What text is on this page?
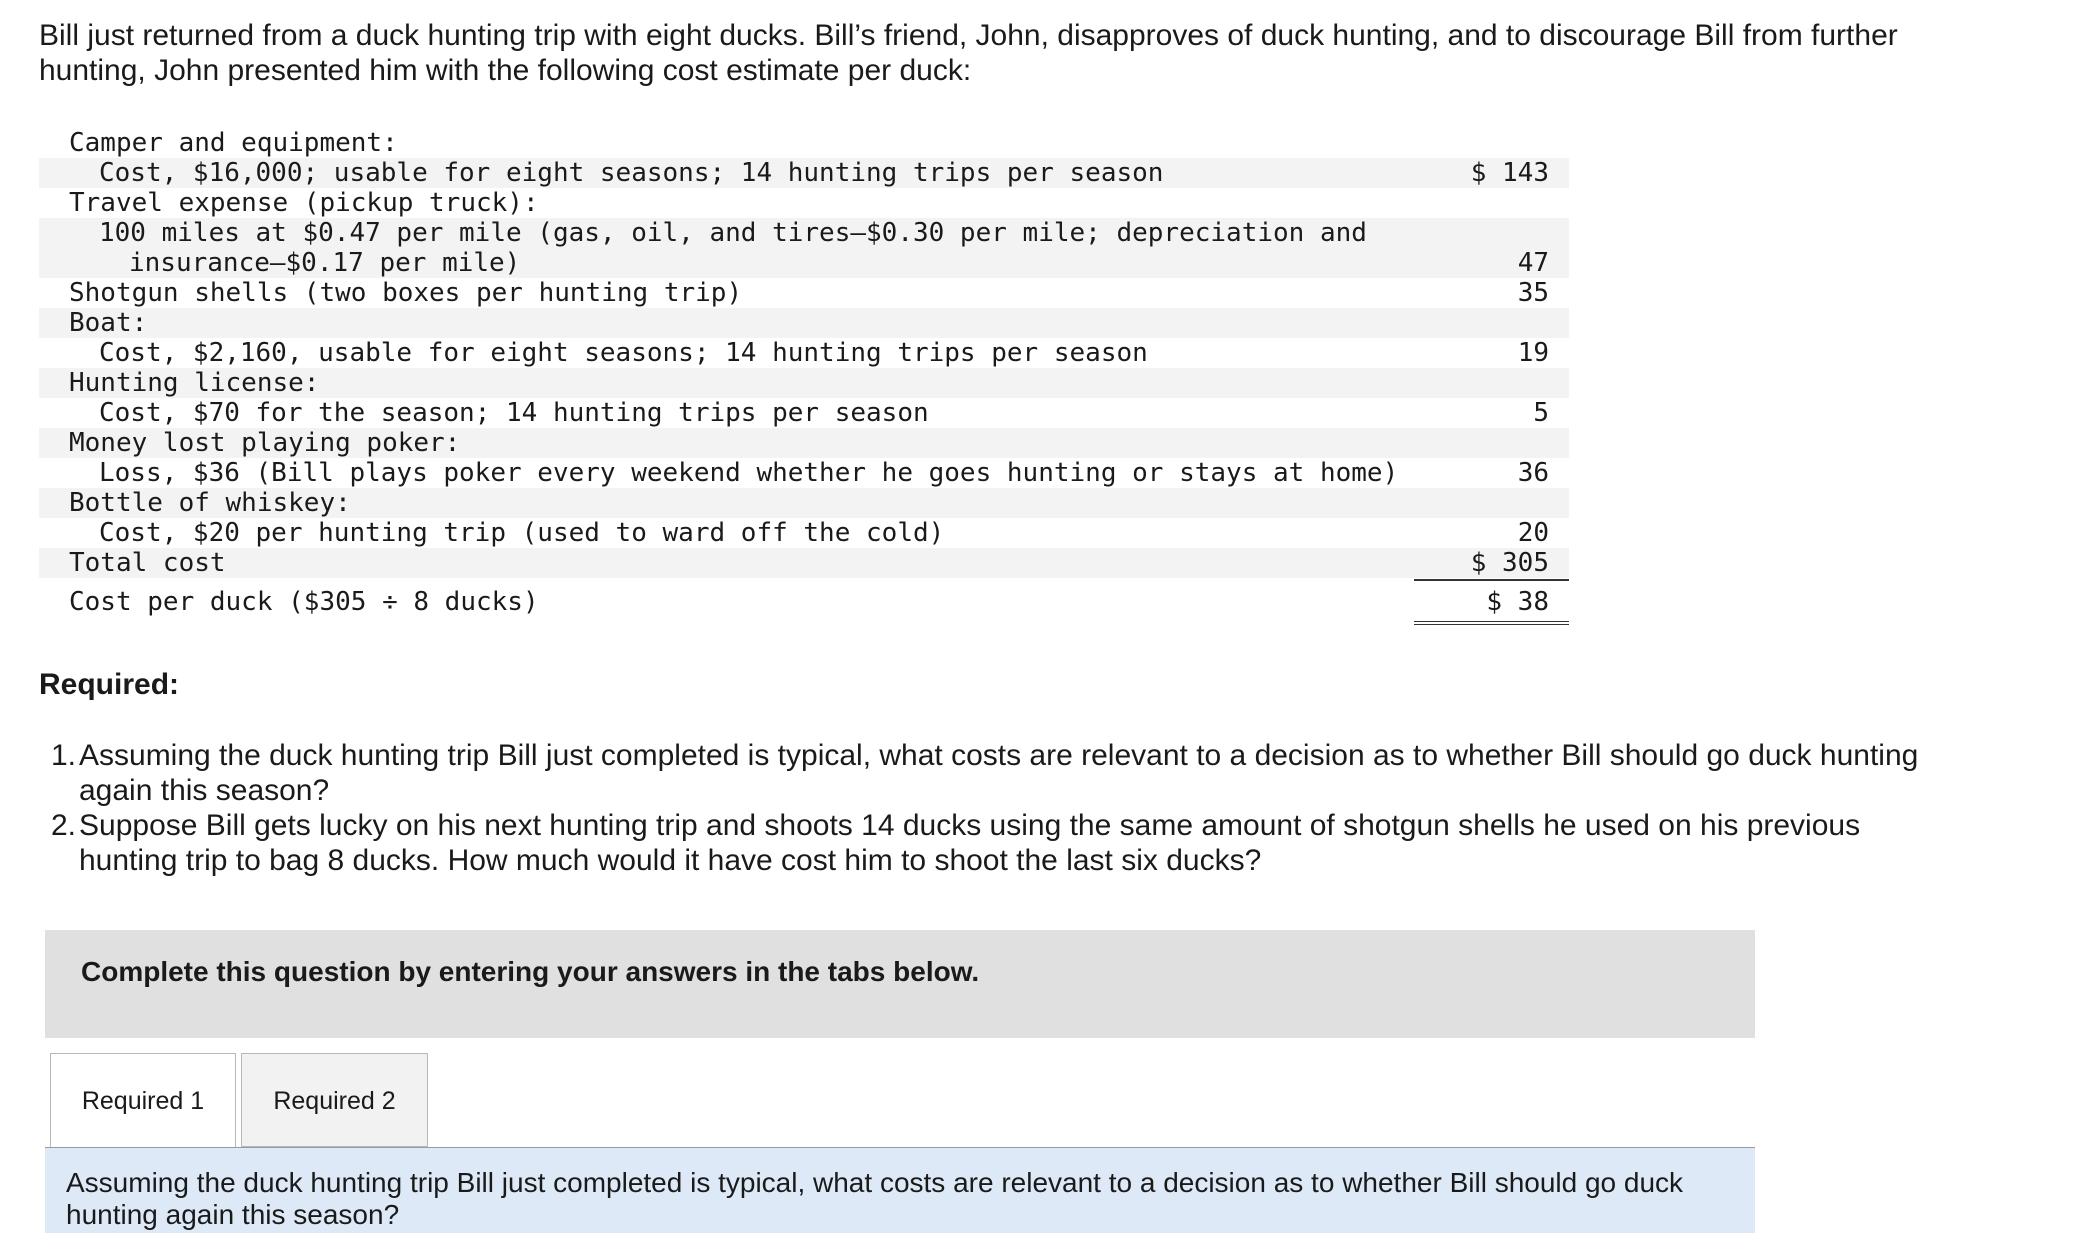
Bill just returned from a duck hunting trip with eight ducks. Bill’s friend, John, disapproves of duck hunting, and to discourage Bill from further hunting, John presented him with the following cost estimate per duck:

Camper and equipment:
Cost, $16,000; usable for eight seasons; 14 hunting trips per season	$ 143
Travel expense (pickup truck):
100 miles at $0.47 per mile (gas, oil, and tires—$0.30 per mile; depreciation and
insurance—$0.17 per mile)	47
Shotgun shells (two boxes per hunting trip)	35
Boat:
Cost, $2,160, usable for eight seasons; 14 hunting trips per season	19
Hunting license:
Cost, $70 for the season; 14 hunting trips per season	5
Money lost playing poker:
Loss, $36 (Bill plays poker every weekend whether he goes hunting or stays at home)	36
Bottle of whiskey:
Cost, $20 per hunting trip (used to ward off the cold)	20
Total cost	$ 305
Cost per duck ($305 ÷ 8 ducks)	$ 38

Required:

1. Assuming the duck hunting trip Bill just completed is typical, what costs are relevant to a decision as to whether Bill should go duck hunting again this season?
2. Suppose Bill gets lucky on his next hunting trip and shoots 14 ducks using the same amount of shotgun shells he used on his previous hunting trip to bag 8 ducks. How much would it have cost him to shoot the last six ducks?
Complete this question by entering your answers in the tabs below.
Required 1	Required 2
Assuming the duck hunting trip Bill just completed is typical, what costs are relevant to a decision as to whether Bill should go duck hunting again this season?
